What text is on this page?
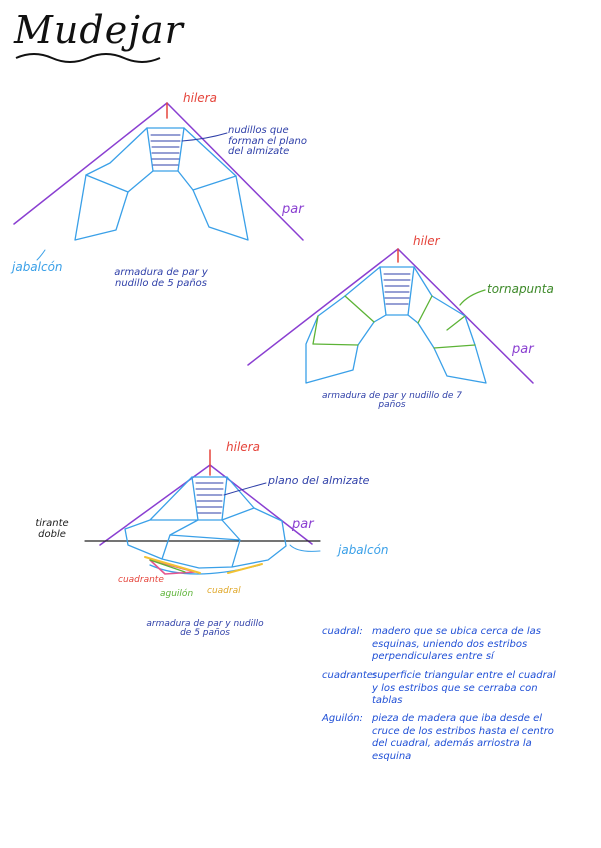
Mudejar
hilera
nudillos que forman el plano del almizate
par
jabalcón	armadura de par y nudillo de 5 paños
hiler
tornapunta
par
armadura de par y nudillo de 7 paños
hilera
plano del almizate
tirante doble
par
jabalcón
cuadrante
aguilón cuadral
armadura de par y nudillo de 5 paños	cuadral: madero que se ubica cerca de las esquinas, uniendo dos estribos perpendiculares entre sí
cuadrante:
superficie triangular entre el cuadral y los estribos que se cerraba con tablas
Aguilón: pieza de madera que iba desde el cruce de los estribos hasta el centro del cuadral, además arriostra la esquina
